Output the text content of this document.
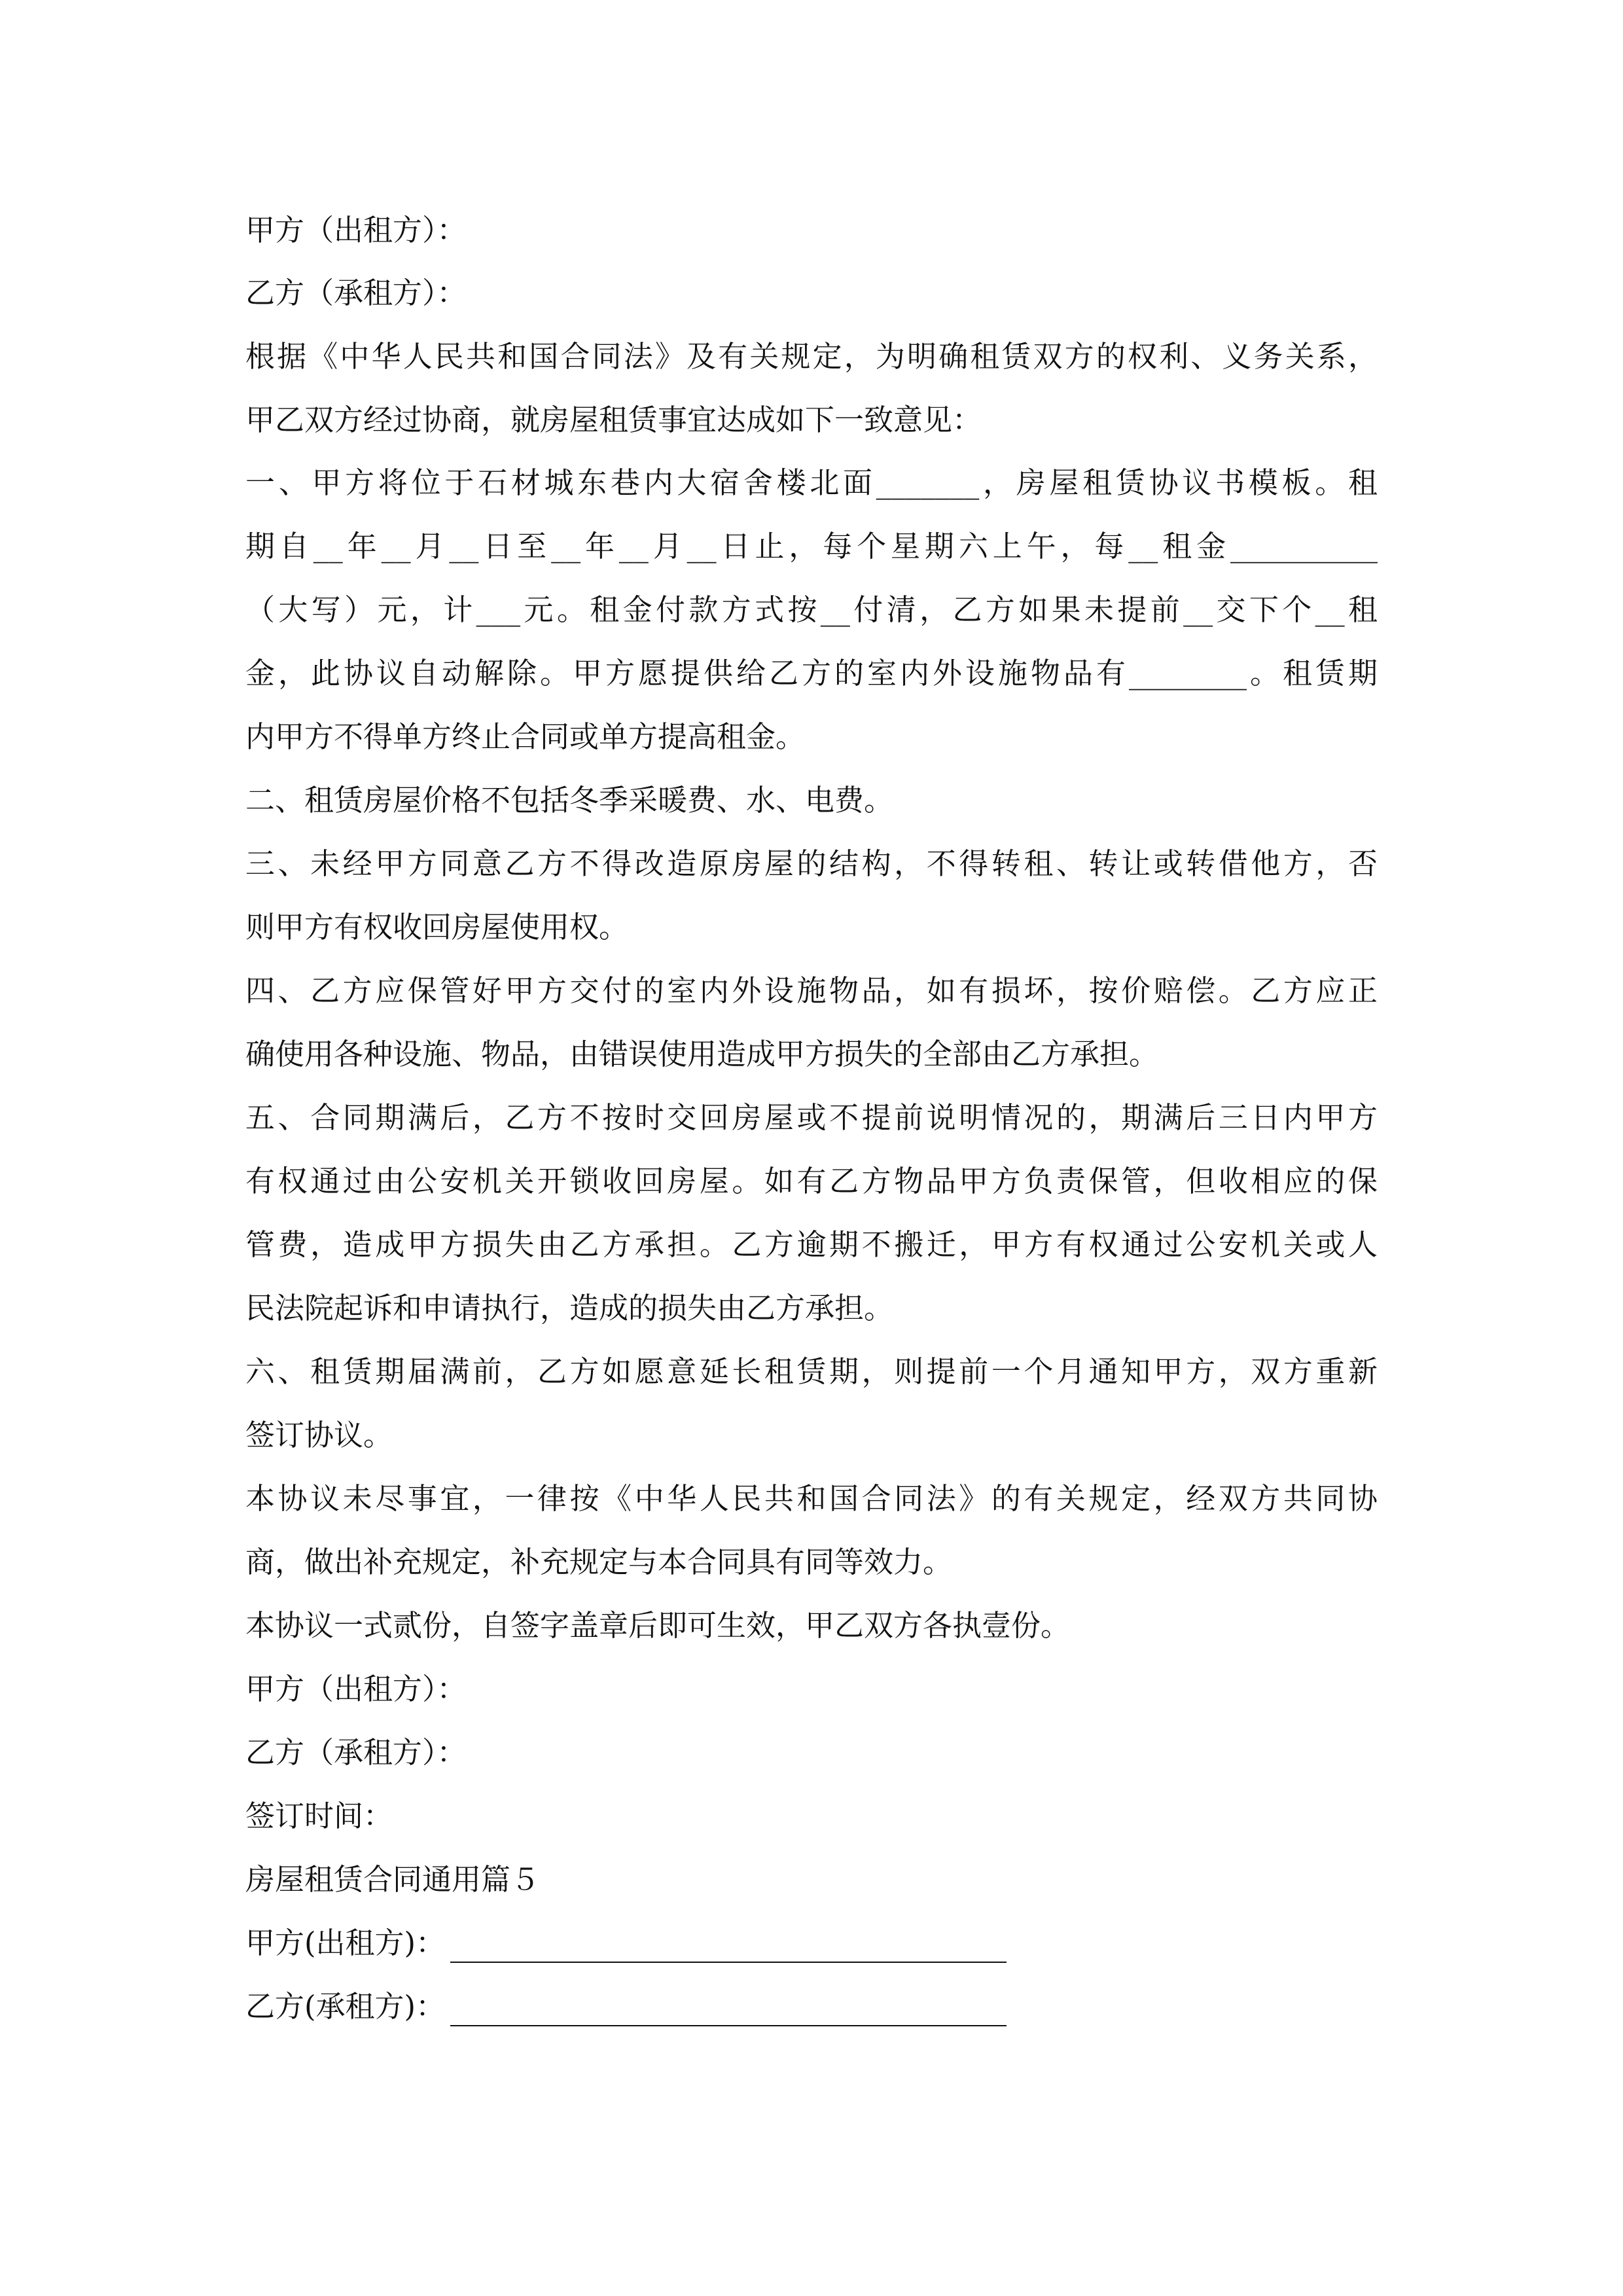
甲方（出租方）：
乙方（承租方）：
根据《中华人民共和国合同法》及有关规定，为明确租赁双方的权利、义务关系，
甲乙双方经过协商，就房屋租赁事宜达成如下一致意见：
一、甲方将位于石材城东巷内大宿舍楼北面_______，房屋租赁协议书模板。租
期自__年__月__日至__年__月__日止，每个星期六上午，每__租金__________
（大写）元，计___元。租金付款方式按__付清，乙方如果未提前__交下个__租
金，此协议自动解除。甲方愿提供给乙方的室内外设施物品有________。租赁期
内甲方不得单方终止合同或单方提高租金。
二、租赁房屋价格不包括冬季采暖费、水、电费。
三、未经甲方同意乙方不得改造原房屋的结构，不得转租、转让或转借他方，否
则甲方有权收回房屋使用权。
四、乙方应保管好甲方交付的室内外设施物品，如有损坏，按价赔偿。乙方应正
确使用各种设施、物品，由错误使用造成甲方损失的全部由乙方承担。
五、合同期满后，乙方不按时交回房屋或不提前说明情况的，期满后三日内甲方
有权通过由公安机关开锁收回房屋。如有乙方物品甲方负责保管，但收相应的保
管费，造成甲方损失由乙方承担。乙方逾期不搬迁，甲方有权通过公安机关或人
民法院起诉和申请执行，造成的损失由乙方承担。
六、租赁期届满前，乙方如愿意延长租赁期，则提前一个月通知甲方，双方重新
签订协议。
本协议未尽事宜，一律按《中华人民共和国合同法》的有关规定，经双方共同协
商，做出补充规定，补充规定与本合同具有同等效力。
本协议一式贰份，自签字盖章后即可生效，甲乙双方各执壹份。
甲方（出租方）：
乙方（承租方）：
签订时间：
房屋租赁合同通用篇５
甲方(出租方)：
乙方(承租方)：
